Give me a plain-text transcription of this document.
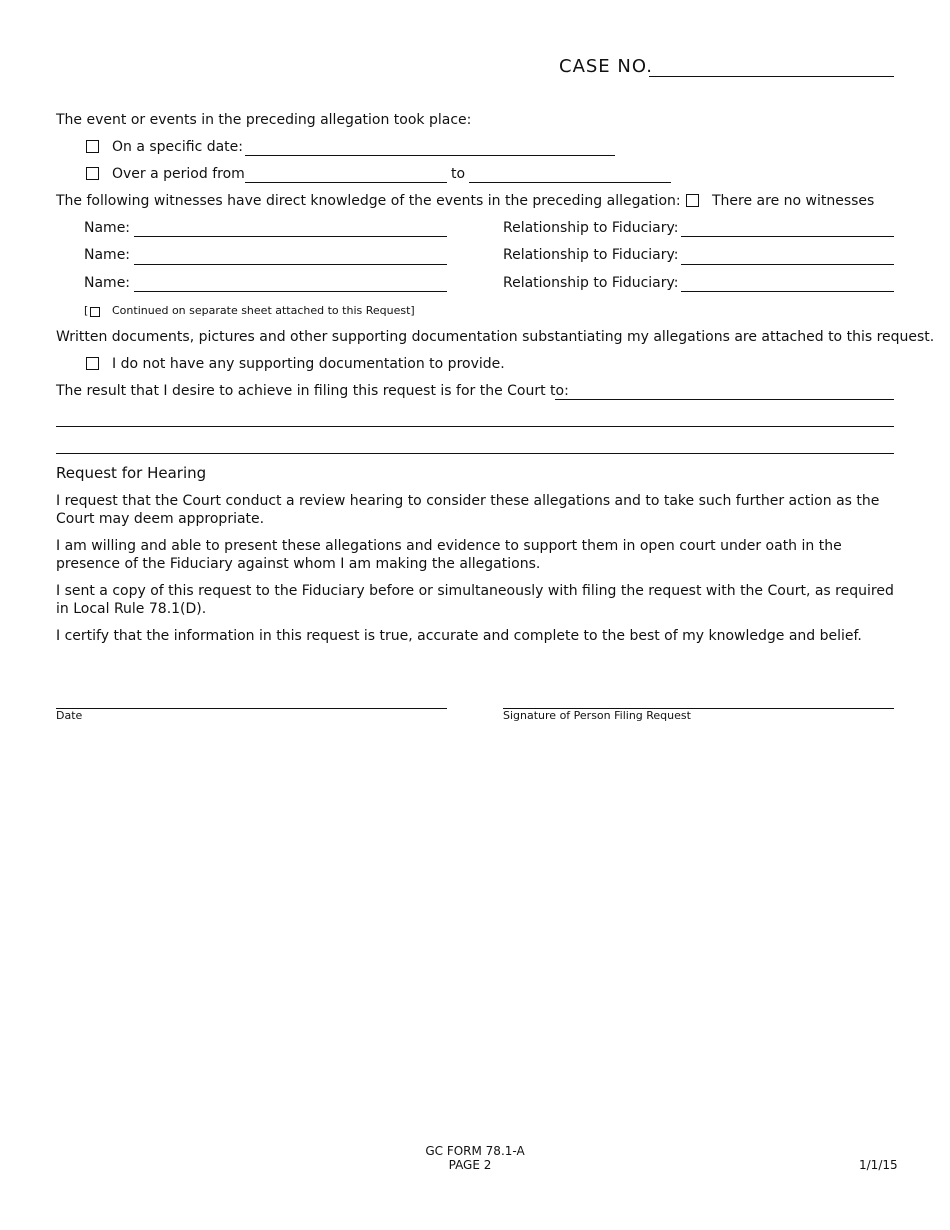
CASE NO.
The event or events in the preceding allegation took place:
On a specific date:
Over a period from	to
The following witnesses have direct knowledge of the events in the preceding allegation: There are no witnesses
Name:	Relationship to Fiduciary:
Name:	Relationship to Fiduciary:
Name:	Relationship to Fiduciary:
[ Continued on separate sheet attached to this Request]
Written documents, pictures and other supporting documentation substantiating my allegations are attached to this request.
I do not have any supporting documentation to provide.
The result that I desire to achieve in filing this request is for the Court to:
Request for Hearing
I request that the Court conduct a review hearing to consider these allegations and to take such further action as the Court may deem appropriate.
I am willing and able to present these allegations and evidence to support them in open court under oath in the presence of the Fiduciary against whom I am making the allegations.
I sent a copy of this request to the Fiduciary before or simultaneously with filing the request with the Court, as required in Local Rule 78.1(D).
I certify that the information in this request is true, accurate and complete to the best of my knowledge and belief.
Date	Signature of Person Filing Request
GC FORM 78.1-A
PAGE 2	1/1/15
